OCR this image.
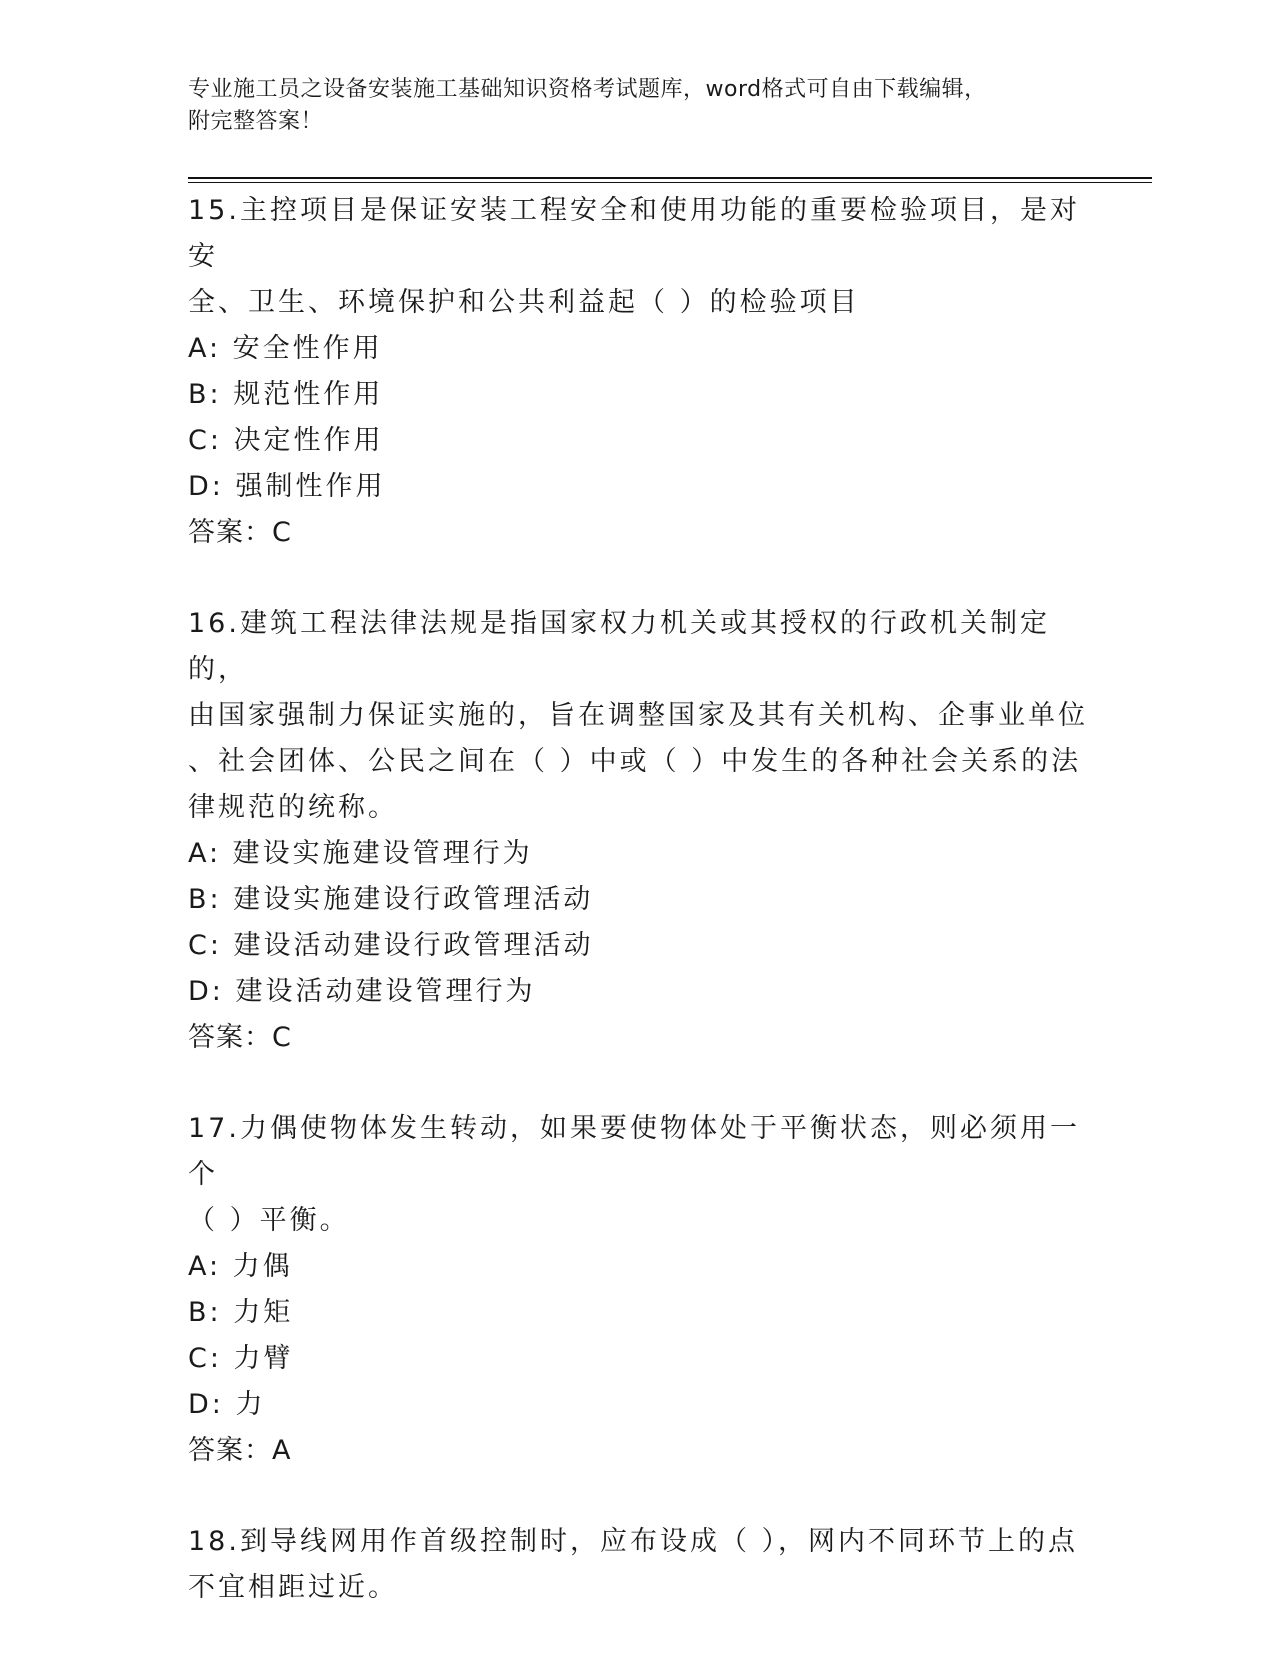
专业施工员之设备安装施工基础知识资格考试题库，word格式可自由下载编辑，
附完整答案！

15.主控项目是保证安装工程安全和使用功能的重要检验项目，是对安

全、卫生、环境保护和公共利益起（ ）的检验项目

A: 安全性作用

B: 规范性作用

C: 决定性作用

D: 强制性作用

答案：C

16.建筑工程法律法规是指国家权力机关或其授权的行政机关制定的，

由国家强制力保证实施的，旨在调整国家及其有关机构、企事业单位

、社会团体、公民之间在（ ）中或（ ）中发生的各种社会关系的法

律规范的统称。

A: 建设实施建设管理行为

B: 建设实施建设行政管理活动

C: 建设活动建设行政管理活动

D: 建设活动建设管理行为

答案：C

17.力偶使物体发生转动，如果要使物体处于平衡状态，则必须用一个

（ ）平衡。

A: 力偶

B: 力矩

C: 力臂

D: 力

答案：A

18.到导线网用作首级控制时，应布设成（ ），网内不同环节上的点

不宜相距过近。
